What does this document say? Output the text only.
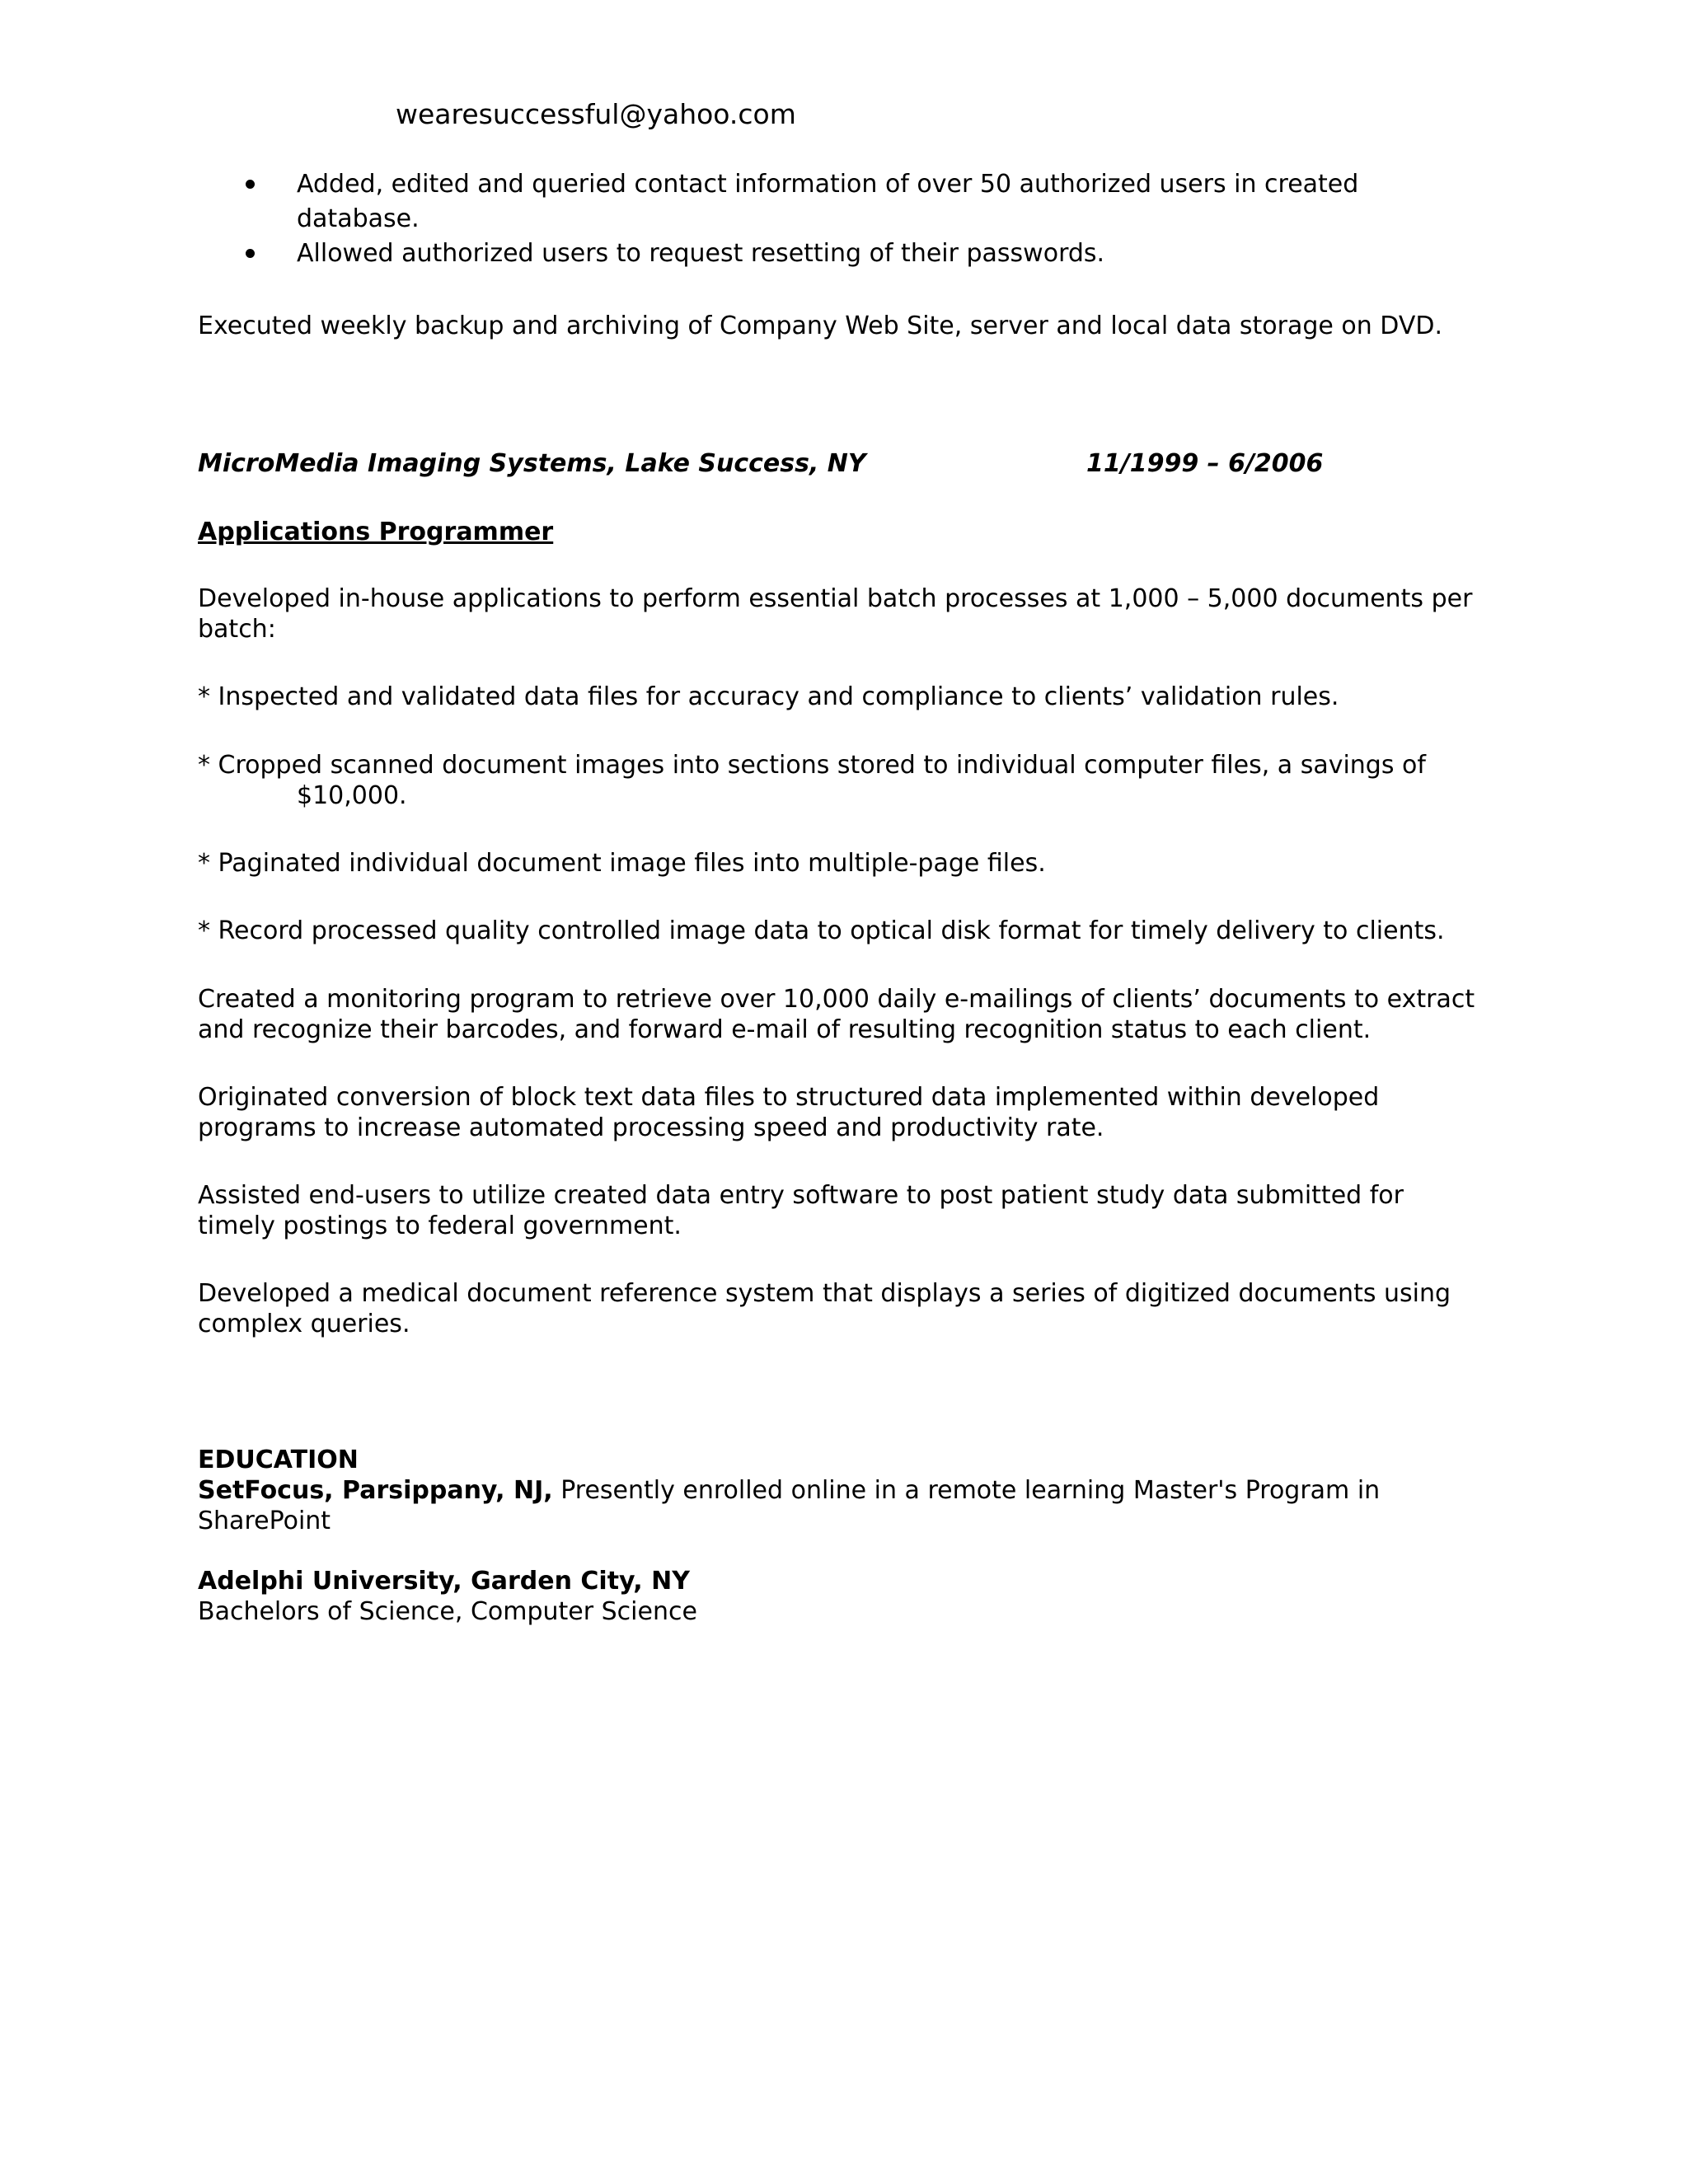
wearesuccessful@yahoo.com
Added, edited and queried contact information of over 50 authorized users in created
database.
Allowed authorized users to request resetting of their passwords.
Executed weekly backup and archiving of Company Web Site, server and local data storage on DVD.
MicroMedia Imaging Systems, Lake Success, NY	11/1999 – 6/2006
Applications Programmer
Developed in-house applications to perform essential batch processes at 1,000 – 5,000 documents per
batch:
* Inspected and validated data files for accuracy and compliance to clients’ validation rules.
* Cropped scanned document images into sections stored to individual computer files, a savings of
$10,000.
* Paginated individual document image files into multiple-page files.
* Record processed quality controlled image data to optical disk format for timely delivery to clients.
Created a monitoring program to retrieve over 10,000 daily e-mailings of clients’ documents to extract
and recognize their barcodes, and forward e-mail of resulting recognition status to each client.
Originated conversion of block text data files to structured data implemented within developed
programs to increase automated processing speed and productivity rate.
Assisted end-users to utilize created data entry software to post patient study data submitted for
timely postings to federal government.
Developed a medical document reference system that displays a series of digitized documents using
complex queries.
EDUCATION
SetFocus, Parsippany, NJ, Presently enrolled online in a remote learning Master's Program in
SharePoint
Adelphi University, Garden City, NY
Bachelors of Science, Computer Science
